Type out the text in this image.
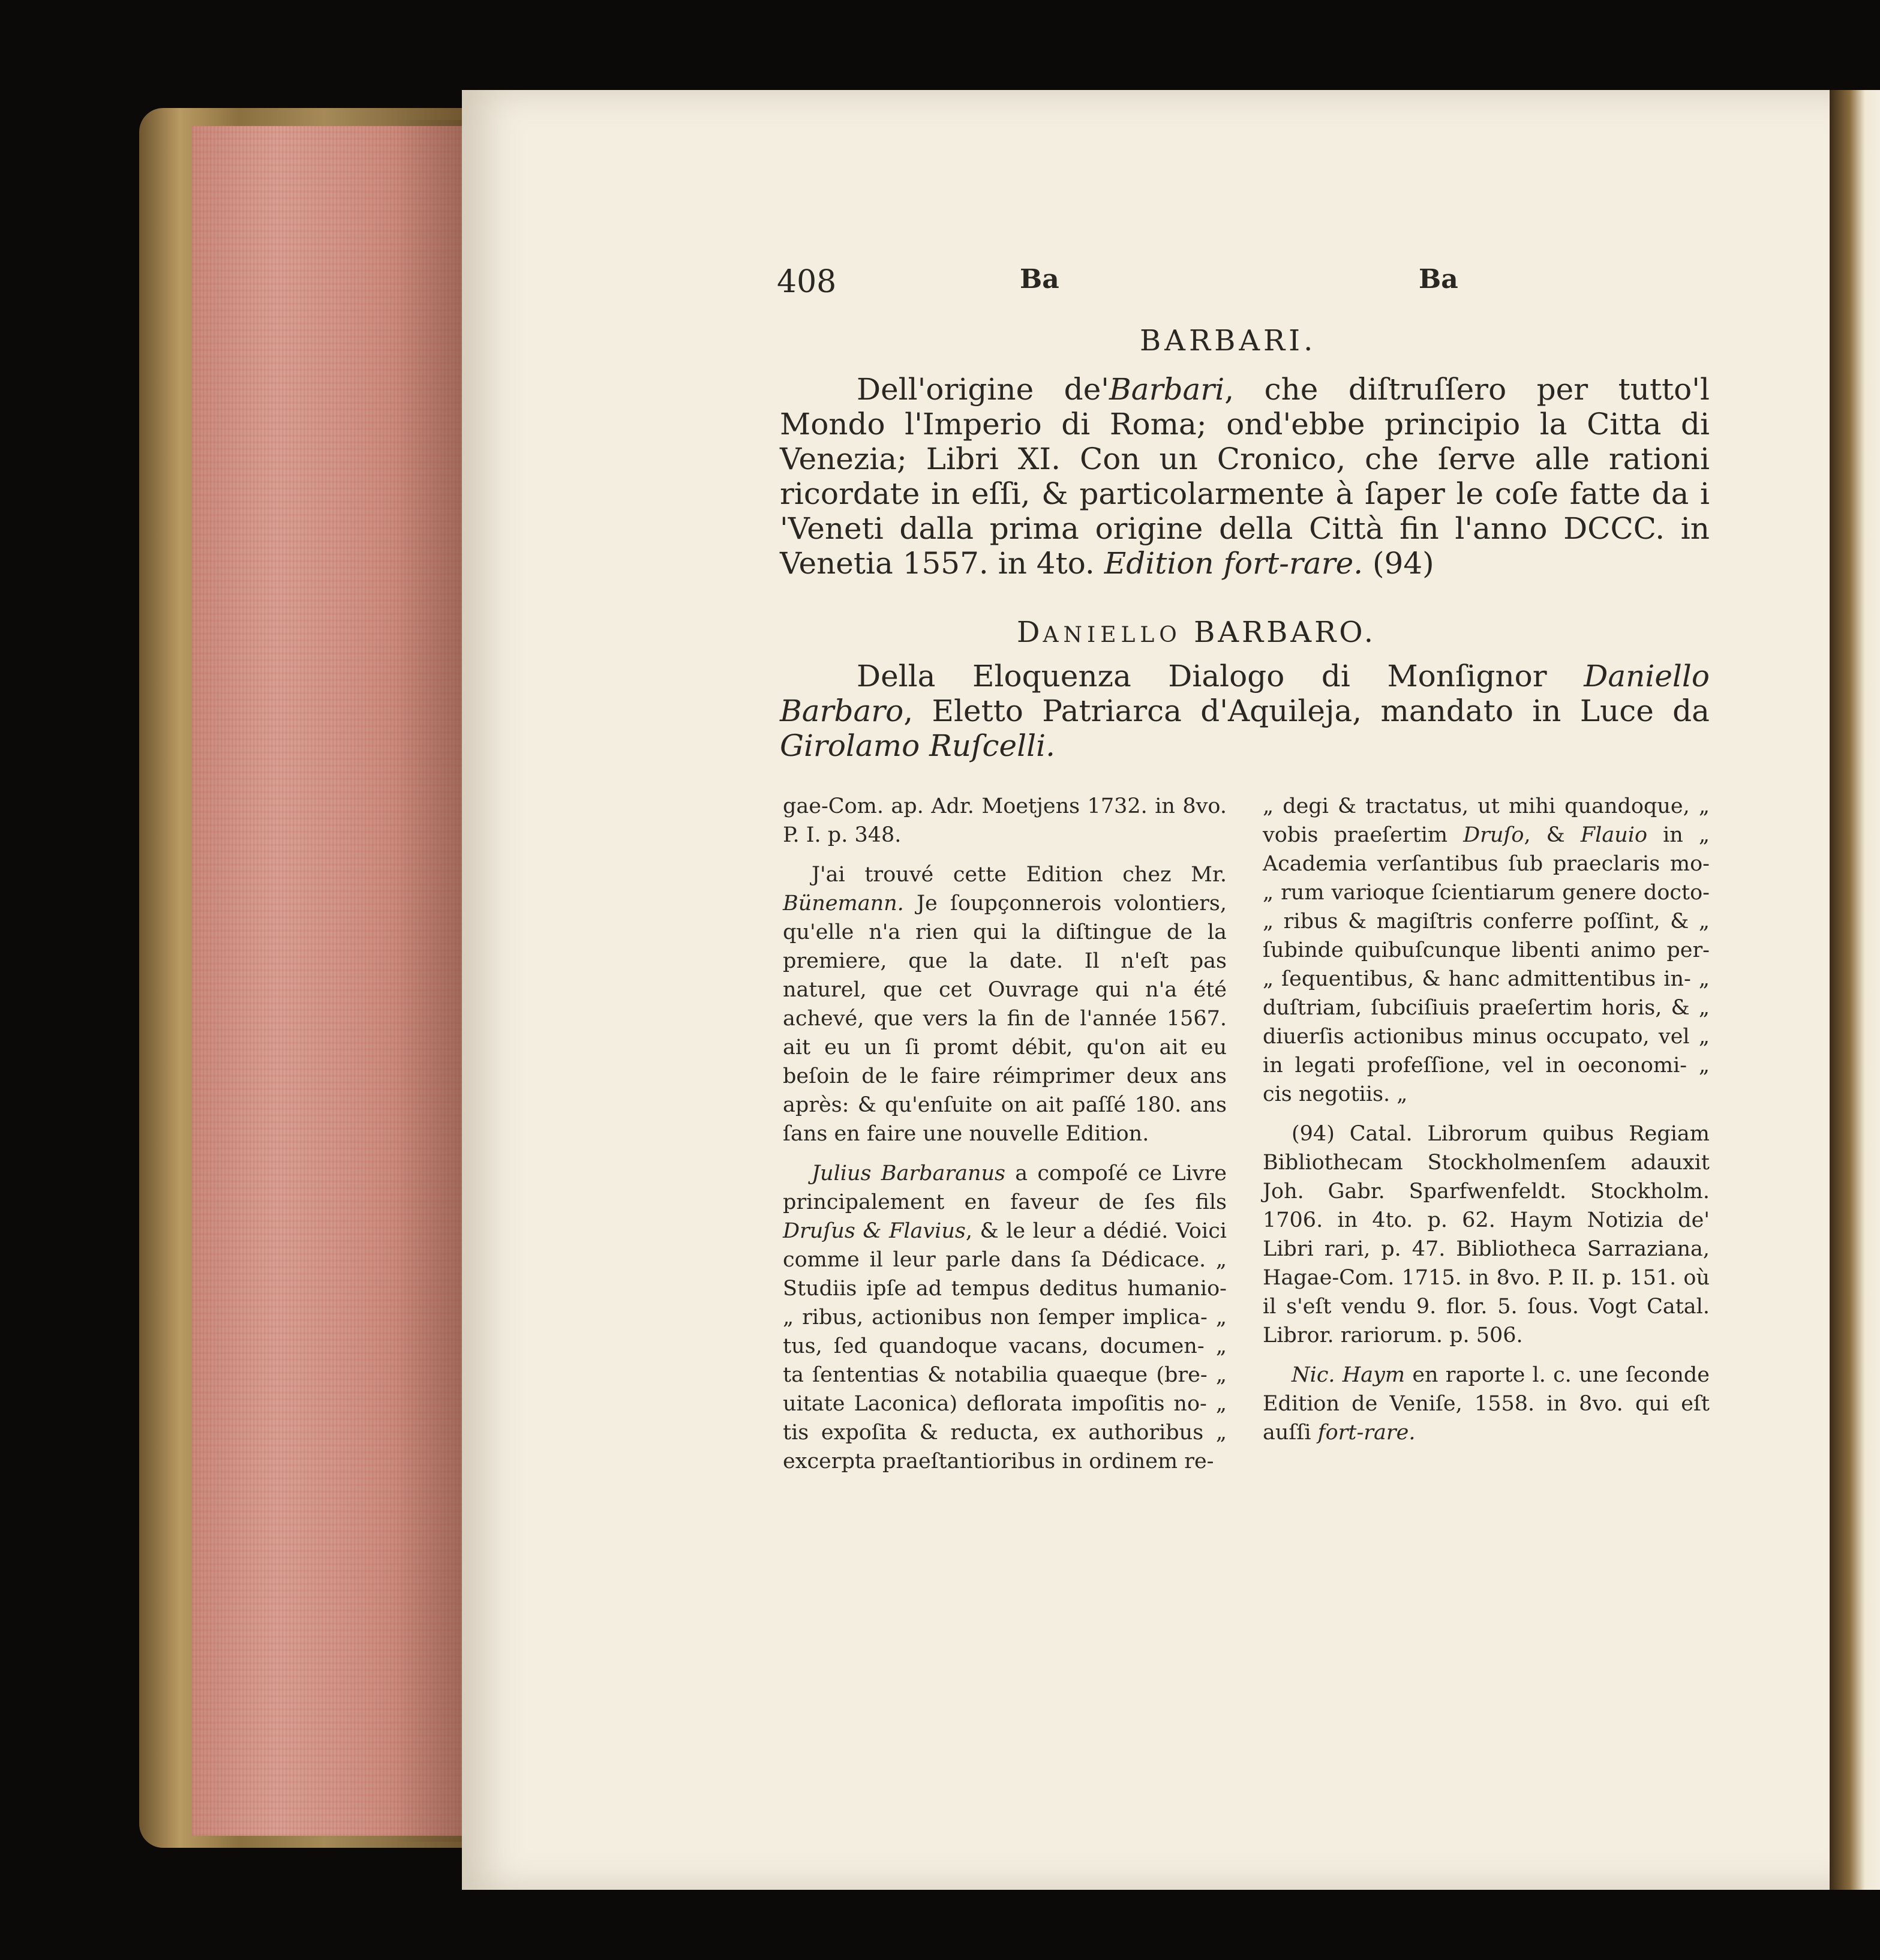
408	Ba	Ba
BARBARI.
Dell'origine de'Barbari, che diſtruſſero per tutto'l Mondo l'Imperio di Roma; ond'ebbe principio la Citta di Venezia; Libri XI. Con un Cronico, che ſerve alle rationi ricordate in eſſi, & particolarmente à ſaper le coſe fatte da i 'Veneti dalla prima origine della Città fin l'anno DCCC. in Venetia 1557. in 4to. Edition fort-rare. (94)
DANIELLO BARBARO.
Della Eloquenza Dialogo di Monſignor Daniello Barbaro, Eletto Patriarca d'Aquileja, mandato in Luce da Girolamo Ruſcelli.

gae-Com. ap. Adr. Moetjens 1732. in 8vo. P. I. p. 348.

J'ai trouvé cette Edition chez Mr. Bünemann. Je ſoupçonnerois volontiers, qu'elle n'a rien qui la diſtingue de la premiere, que la date. Il n'eſt pas naturel, que cet Ouvrage qui n'a été achevé, que vers la fin de l'année 1567. ait eu un ſi promt débit, qu'on ait eu beſoin de le faire réimprimer deux ans après: & qu'enſuite on ait paſſé 180. ans ſans en faire une nouvelle Edition.

Julius Barbaranus a compoſé ce Livre principalement en faveur de ſes fils Druſus & Flavius, & le leur a dédié. Voici comme il leur parle dans ſa Dédicace. „ Studiis ipſe ad tempus deditus humanio- „ ribus, actionibus non ſemper implica- „ tus, ſed quandoque vacans, documen- „ ta ſententias & notabilia quaeque (bre- „ uitate Laconica) deflorata impoſitis no- „ tis expoſita & reducta, ex authoribus „ excerpta praeſtantioribus in ordinem re-

„ degi & tractatus, ut mihi quandoque, „ vobis praeſertim Druſo, & Flauio in „ Academia verſantibus ſub praeclaris mo- „ rum varioque ſcientiarum genere docto- „ ribus & magiſtris conferre poſſint, & „ ſubinde quibuſcunque libenti animo per- „ ſequentibus, & hanc admittentibus in- „ duſtriam, ſubciſiuis praeſertim horis, & „ diuerſis actionibus minus occupato, vel „ in legati profeſſione, vel in oeconomi- „ cis negotiis. „

(94) Catal. Librorum quibus Regiam Bibliothecam Stockholmenſem adauxit Joh. Gabr. Sparfwenfeldt. Stockholm. 1706. in 4to. p. 62. Haym Notizia de' Libri rari, p. 47. Bibliotheca Sarraziana, Hagae-Com. 1715. in 8vo. P. II. p. 151. où il s'eſt vendu 9. flor. 5. ſous. Vogt Catal. Libror. rariorum. p. 506.

Nic. Haym en raporte l. c. une ſeconde Edition de Veniſe, 1558. in 8vo. qui eſt auſſi fort-rare.
